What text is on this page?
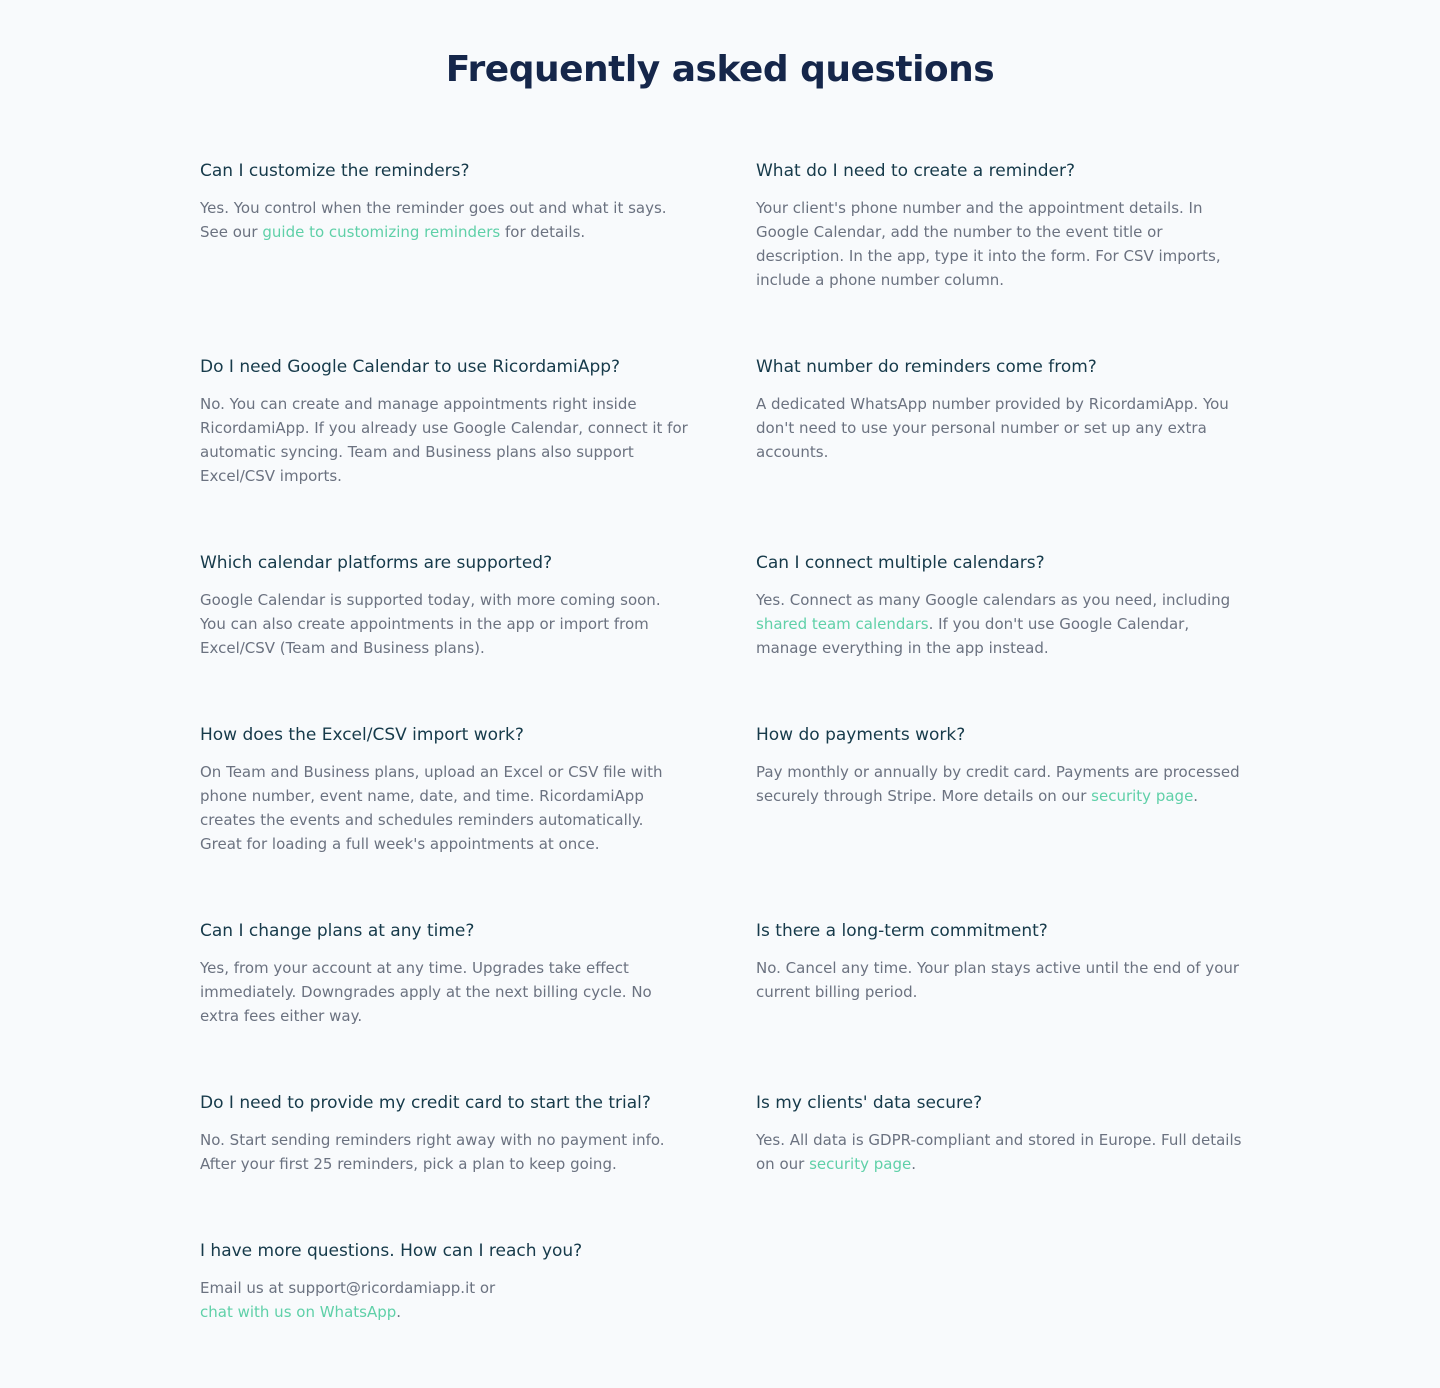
Frequently asked questions
Can I customize the reminders?

Yes. You control when the reminder goes out and what it says. See our guide to customizing reminders for details.

What do I need to create a reminder?

Your client's phone number and the appointment details. In Google Calendar, add the number to the event title or description. In the app, type it into the form. For CSV imports, include a phone number column.

Do I need Google Calendar to use RicordamiApp?

No. You can create and manage appointments right inside RicordamiApp. If you already use Google Calendar, connect it for automatic syncing. Team and Business plans also support Excel/CSV imports.

What number do reminders come from?

A dedicated WhatsApp number provided by RicordamiApp. You don't need to use your personal number or set up any extra accounts.

Which calendar platforms are supported?

Google Calendar is supported today, with more coming soon. You can also create appointments in the app or import from Excel/CSV (Team and Business plans).

Can I connect multiple calendars?

Yes. Connect as many Google calendars as you need, including shared team calendars. If you don't use Google Calendar, manage everything in the app instead.

How does the Excel/CSV import work?

On Team and Business plans, upload an Excel or CSV file with phone number, event name, date, and time. RicordamiApp creates the events and schedules reminders automatically. Great for loading a full week's appointments at once.

How do payments work?

Pay monthly or annually by credit card. Payments are processed securely through Stripe. More details on our security page.

Can I change plans at any time?

Yes, from your account at any time. Upgrades take effect immediately. Downgrades apply at the next billing cycle. No extra fees either way.

Is there a long-term commitment?

No. Cancel any time. Your plan stays active until the end of your current billing period.

Do I need to provide my credit card to start the trial?

No. Start sending reminders right away with no payment info. After your first 25 reminders, pick a plan to keep going.

Is my clients' data secure?

Yes. All data is GDPR-compliant and stored in Europe. Full details on our security page.

I have more questions. How can I reach you?

Email us at support@ricordamiapp.it or chat with us on WhatsApp.
